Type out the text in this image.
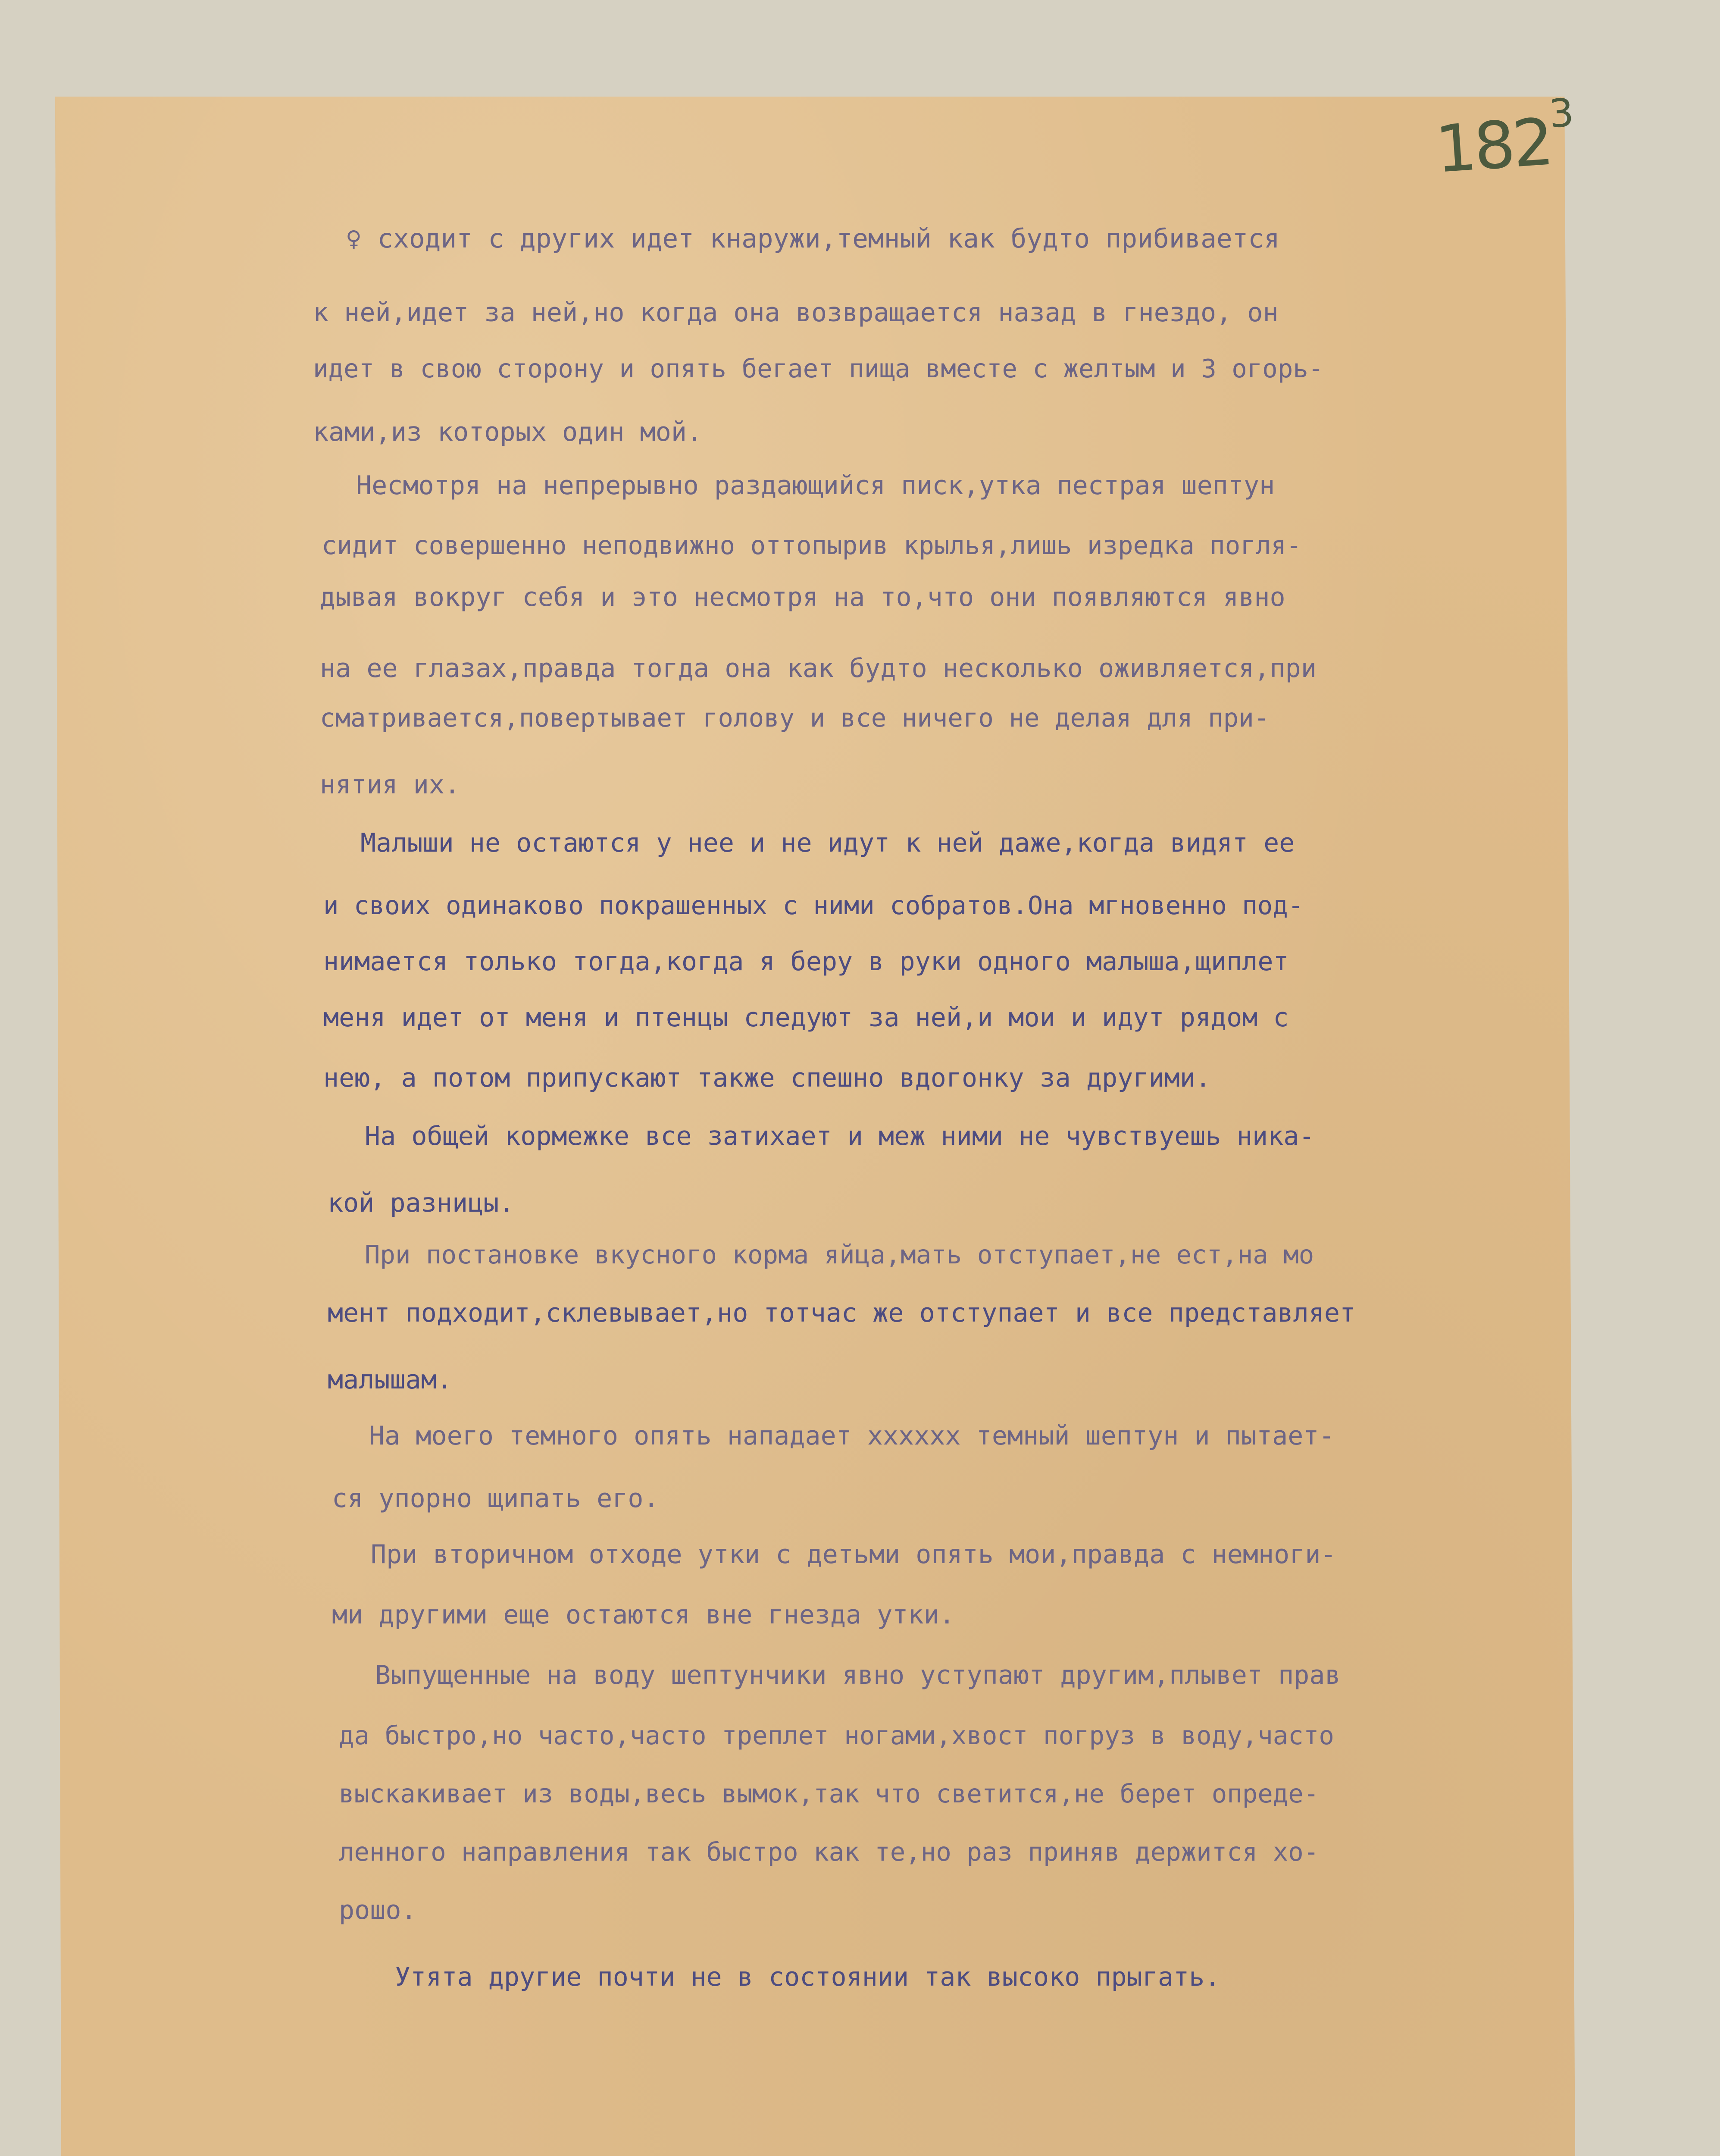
$182^3$
♀ сходит с других идет кнаружи,темный как будто прибивается
к ней,идет за ней,но когда она возвращается назад в гнездо, он
идет в свою сторону и опять бегает пища вместе с желтым и 3 огорь-
ками,из которых один мой.
Несмотря на непрерывно раздающийся писк,утка пестрая шептун
сидит совершенно неподвижно оттопырив крылья,лишь изредка погля-
дывая вокруг себя и это несмотря на то,что они появляются явно
на ее глазах,правда тогда она как будто несколько оживляется,при
сматривается,повертывает голову и все ничего не делая для при-
нятия их.
Малыши не остаются у нее и не идут к ней даже,когда видят ее
и своих одинаково покрашенных с ними собратов.Она мгновенно под-
нимается только тогда,когда я беру в руки одного малыша,щиплет
меня идет от меня и птенцы следуют за ней,и мои и идут рядом с
нею, а потом припускают также спешно вдогонку за другими.
На общей кормежке все затихает и меж ними не чувствуешь ника-
кой разницы.
При постановке вкусного корма яйца,мать отступает,не ест,на мо
мент подходит,склевывает,но тотчас же отступает и все представляет
малышам.
На моего темного опять нападает хххххх темный шептун и пытает-
ся упорно щипать его.
При вторичном отходе утки с детьми опять мои,правда с немноги-
ми другими еще остаются вне гнезда утки.
Выпущенные на воду шептунчики явно уступают другим,плывет прав
да быстро,но часто,часто треплет ногами,хвост погруз в воду,часто
выскакивает из воды,весь вымок,так что светится,не берет опреде-
ленного направления так быстро как те,но раз приняв держится хо-
рошо.
Утята другие почти не в состоянии так высоко прыгать.
